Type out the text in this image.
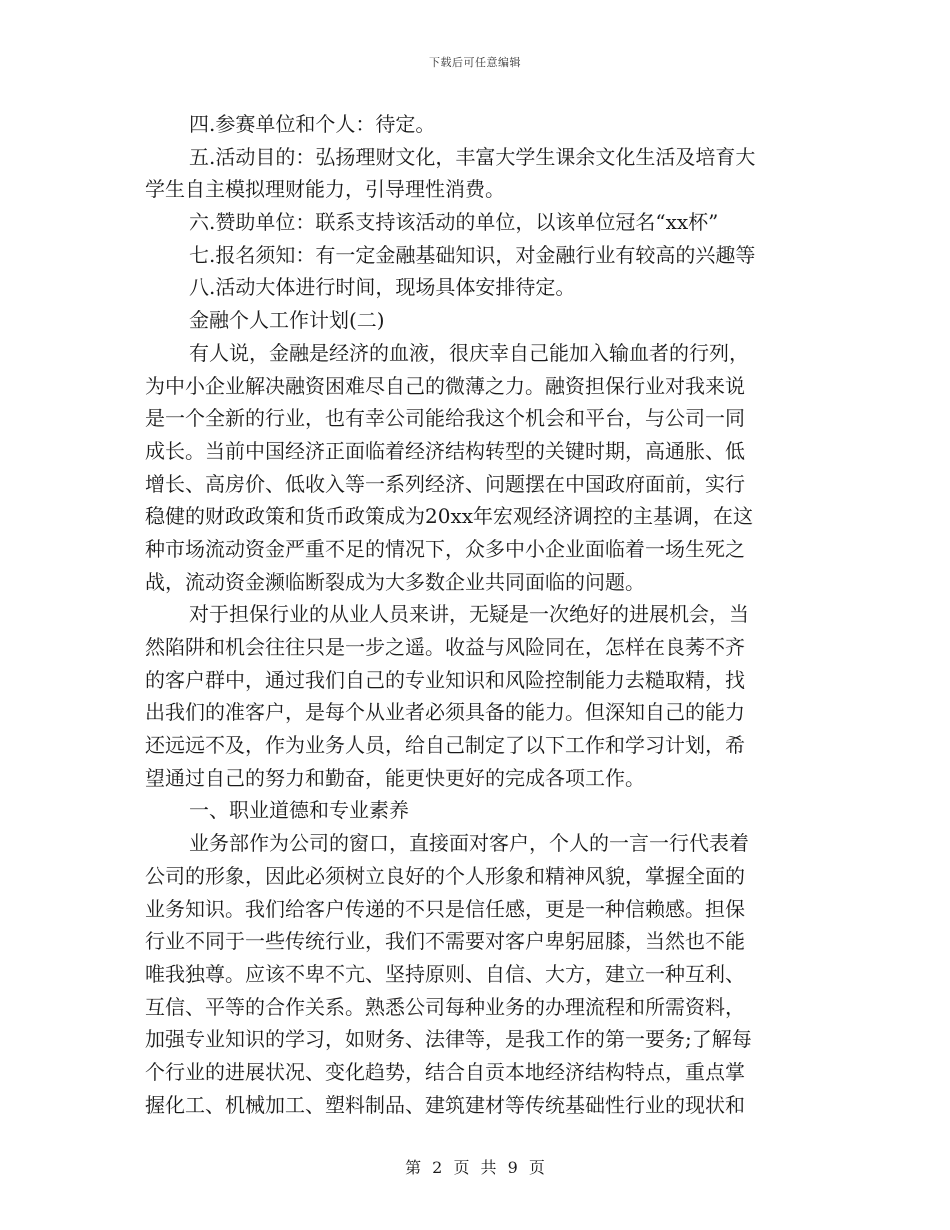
下载后可任意编辑
四.参赛单位和个人：待定。
五.活动目的：弘扬理财文化，丰富大学生课余文化生活及培育大
学生自主模拟理财能力，引导理性消费。
六.赞助单位：联系支持该活动的单位，以该单位冠名“xx杯”
七.报名须知：有一定金融基础知识，对金融行业有较高的兴趣等
八.活动大体进行时间，现场具体安排待定。
金融个人工作计划(二)
有人说，金融是经济的血液，很庆幸自己能加入输血者的行列，
为中小企业解决融资困难尽自己的微薄之力。融资担保行业对我来说
是一个全新的行业，也有幸公司能给我这个机会和平台，与公司一同
成长。当前中国经济正面临着经济结构转型的关键时期，高通胀、低
增长、高房价、低收入等一系列经济、问题摆在中国政府面前，实行
稳健的财政政策和货币政策成为20xx年宏观经济调控的主基调，在这
种市场流动资金严重不足的情况下，众多中小企业面临着一场生死之
战，流动资金濒临断裂成为大多数企业共同面临的问题。
对于担保行业的从业人员来讲，无疑是一次绝好的进展机会，当
然陷阱和机会往往只是一步之遥。收益与风险同在，怎样在良莠不齐
的客户群中，通过我们自己的专业知识和风险控制能力去糙取精，找
出我们的准客户，是每个从业者必须具备的能力。但深知自己的能力
还远远不及，作为业务人员，给自己制定了以下工作和学习计划，希
望通过自己的努力和勤奋，能更快更好的完成各项工作。
一、职业道德和专业素养
业务部作为公司的窗口，直接面对客户，个人的一言一行代表着
公司的形象，因此必须树立良好的个人形象和精神风貌，掌握全面的
业务知识。我们给客户传递的不只是信任感，更是一种信赖感。担保
行业不同于一些传统行业，我们不需要对客户卑躬屈膝，当然也不能
唯我独尊。应该不卑不亢、坚持原则、自信、大方，建立一种互利、
互信、平等的合作关系。熟悉公司每种业务的办理流程和所需资料，
加强专业知识的学习，如财务、法律等，是我工作的第一要务;了解每
个行业的进展状况、变化趋势，结合自贡本地经济结构特点，重点掌
握化工、机械加工、塑料制品、建筑建材等传统基础性行业的现状和
第 2 页 共 9 页
